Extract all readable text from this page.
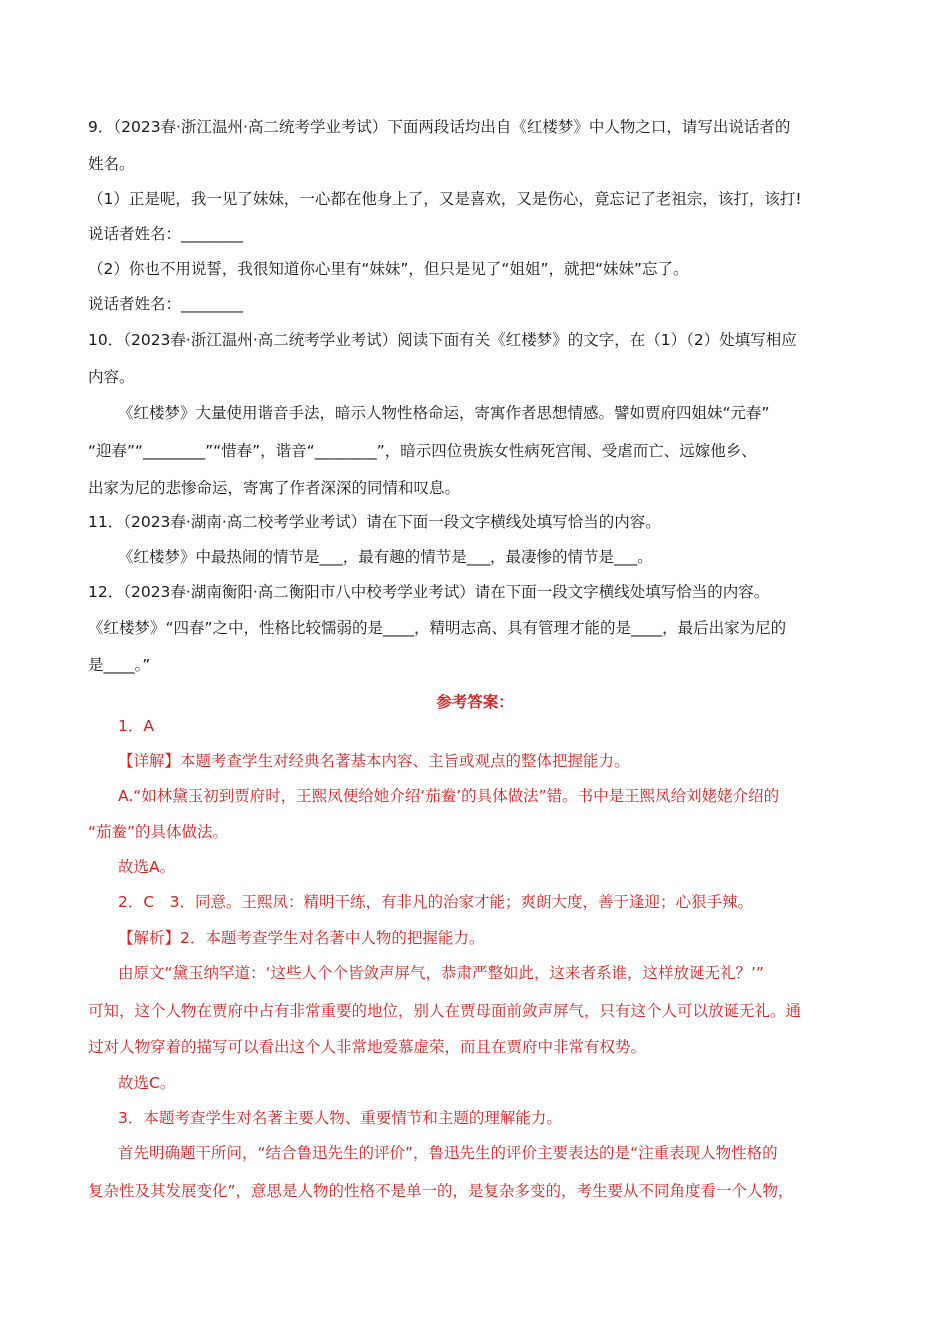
9．（2023春·浙江温州·高二统考学业考试）下面两段话均出自《红楼梦》中人物之口，请写出说话者的
姓名。
（1）正是呢，我一见了妹妹，一心都在他身上了，又是喜欢，又是伤心，竟忘记了老祖宗，该打，该打!
说话者姓名：________
（2）你也不用说誓，我很知道你心里有“妹妹”，但只是见了“姐姐”，就把“妹妹”忘了。
说话者姓名：________
10．（2023春·浙江温州·高二统考学业考试）阅读下面有关《红楼梦》的文字，在（1）（2）处填写相应
内容。
《红楼梦》大量使用谐音手法，暗示人物性格命运，寄寓作者思想情感。譬如贾府四姐妹“元春”
“迎春”“________”“惜春”，谐音“________”，暗示四位贵族女性病死宫闱、受虐而亡、远嫁他乡、
出家为尼的悲惨命运，寄寓了作者深深的同情和叹息。
11．（2023春·湖南·高二校考学业考试）请在下面一段文字横线处填写恰当的内容。
《红楼梦》中最热闹的情节是___，最有趣的情节是___，最凄惨的情节是___。
12．（2023春·湖南衡阳·高二衡阳市八中校考学业考试）请在下面一段文字横线处填写恰当的内容。
《红楼梦》“四春”之中，性格比较懦弱的是____，精明志高、具有管理才能的是____，最后出家为尼的
是____。”
参考答案：
1．A
【详解】本题考查学生对经典名著基本内容、主旨或观点的整体把握能力。
A.“如林黛玉初到贾府时，王熙凤便给她介绍‘茄鲞’的具体做法”错。书中是王熙凤给刘姥姥介绍的
“茄鲞”的具体做法。
故选A。
2．C　3．同意。王熙凤：精明干练，有非凡的治家才能；爽朗大度，善于逢迎；心狠手辣。
【解析】2．本题考查学生对名著中人物的把握能力。
由原文“黛玉纳罕道：‘这些人个个皆敛声屏气，恭肃严整如此，这来者系谁，这样放诞无礼？’”
可知，这个人物在贾府中占有非常重要的地位，别人在贾母面前敛声屏气，只有这个人可以放诞无礼。通
过对人物穿着的描写可以看出这个人非常地爱慕虚荣，而且在贾府中非常有权势。
故选C。
3．本题考查学生对名著主要人物、重要情节和主题的理解能力。
首先明确题干所问，“结合鲁迅先生的评价”，鲁迅先生的评价主要表达的是“注重表现人物性格的
复杂性及其发展变化”，意思是人物的性格不是单一的，是复杂多变的，考生要从不同角度看一个人物，
